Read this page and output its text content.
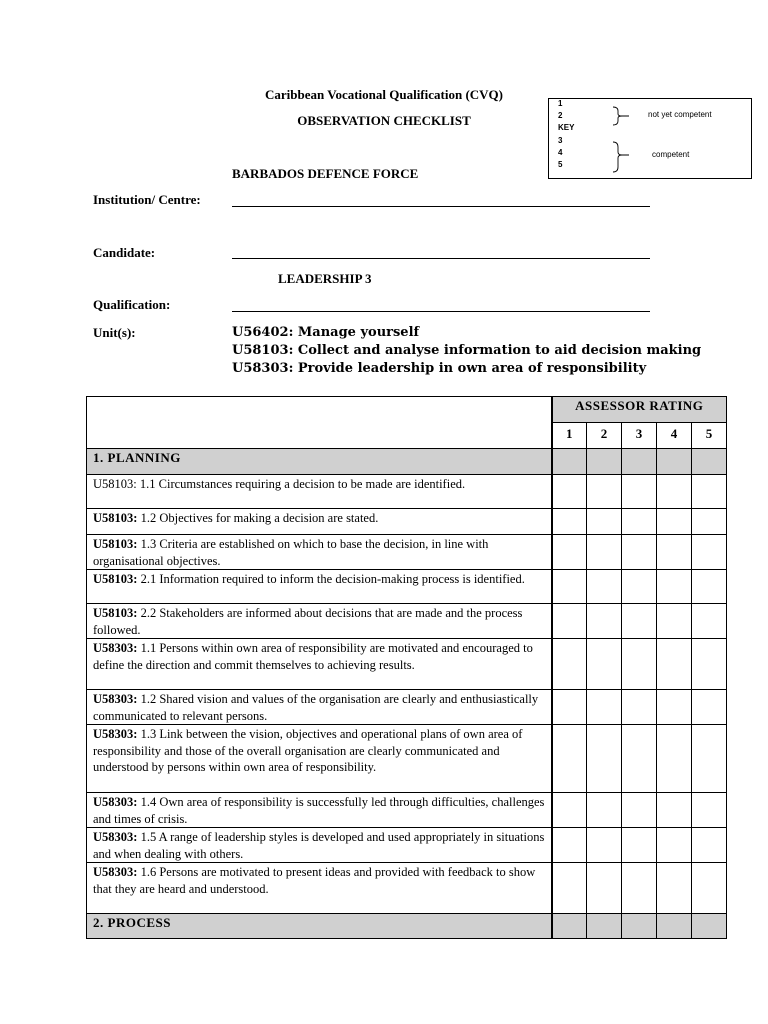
Caribbean Vocational Qualification (CVQ)
OBSERVATION CHECKLIST
BARBADOS DEFENCE FORCE
1
2
KEY
3
4
5
not yet competent
competent
Institution/ Centre:
Candidate:
LEADERSHIP 3
Qualification:
Unit(s):	U56402: Manage yourself
U58103: Collect and analyse information to aid decision making
U58303: Provide leadership in own area of responsibility
	ASSESSOR RATING				
	1	2	3	4	5
1. PLANNING					
U58103: 1.1 Circumstances requiring a decision to be made are identified.					
U58103: 1.2 Objectives for making a decision are stated.					
U58103: 1.3 Criteria are established on which to base the decision, in line with organisational objectives.					
U58103: 2.1 Information required to inform the decision-making process is identified.					
U58103: 2.2 Stakeholders are informed about decisions that are made and the process followed.					
U58303: 1.1 Persons within own area of responsibility are motivated and encouraged to define the direction and commit themselves to achieving results.					
U58303: 1.2 Shared vision and values of the organisation are clearly and enthusiastically communicated to relevant persons.					
U58303: 1.3 Link between the vision, objectives and operational plans of own area of responsibility and those of the overall organisation are clearly communicated and understood by persons within own area of responsibility.					
U58303: 1.4 Own area of responsibility is successfully led through difficulties, challenges and times of crisis.					
U58303: 1.5 A range of leadership styles is developed and used appropriately in situations and when dealing with others.					
U58303: 1.6 Persons are motivated to present ideas and provided with feedback to show that they are heard and understood.					
2. PROCESS					
